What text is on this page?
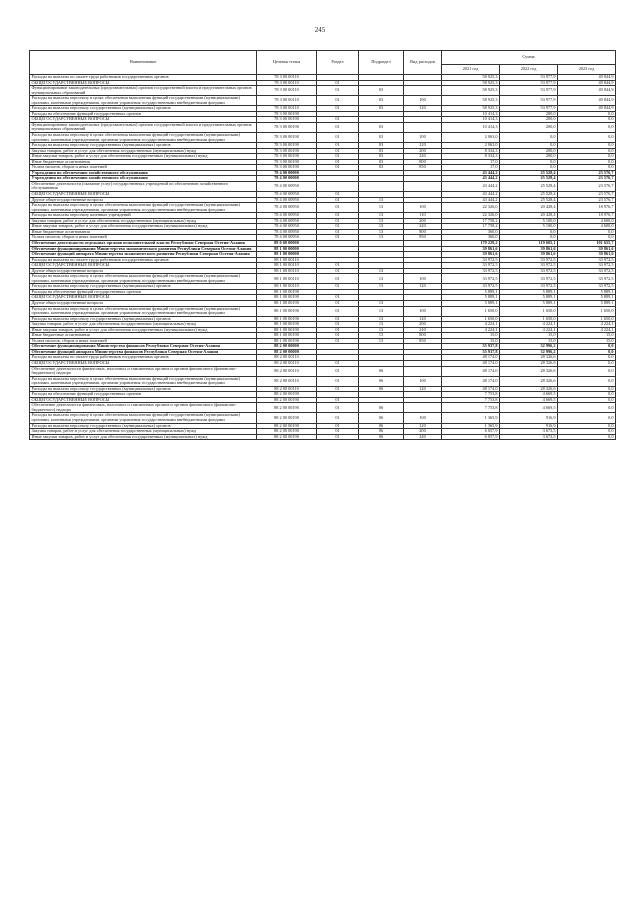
245
Наименование	Целевая статья	Раздел	Подраздел	Вид расходов	Сумма		
					2021 год	2022 год	2023 год
Расходы на выплаты по оплате труда работников государственных органов	78 3 00 00110				58 925,3	53 977,9	49 844,9
ОБЩЕГОСУДАРСТВЕННЫЕ ВОПРОСЫ	78 3 00 00110	01			58 925,3	53 977,9	49 844,9
Функционирование законодательных (представительных) органов государственной власти и представительных органов муниципальных образований	78 3 00 00110	01	03		58 925,3	53 977,9	49 844,9
Расходы на выплаты персоналу в целях обеспечения выполнения функций государственными (муниципальными) органами, казенными учреждениями, органами управления государственными внебюджетными фондами	78 3 00 00110	01	03	100	58 925,3	53 977,9	49 844,9
Расходы на выплаты персоналу государственных (муниципальных) органов	78 3 00 00110	01	03	120	58 925,3	53 977,9	49 844,9
Расходы на обеспечение функций государственных органов	78 3 00 00190				10 414,3	200,0	0,0
ОБЩЕГОСУДАРСТВЕННЫЕ ВОПРОСЫ	78 3 00 00190	01			10 414,3	200,0	0,0
Функционирование законодательных (представительных) органов государственной власти и представительных органов муниципальных образований	78 3 00 00190	01	03		10 414,3	200,0	0,0
Расходы на выплаты персоналу в целях обеспечения выполнения функций государственными (муниципальными) органами, казенными учреждениями, органами управления государственными внебюджетными фондами	78 3 00 00190	01	03	100	2 063,0	0,0	0,0
Расходы на выплаты персоналу государственных (муниципальных) органов	78 3 00 00190	01	03	120	2 063,0	0,0	0,0
Закупка товаров, работ и услуг для обеспечения государственных (муниципальных) нужд	78 3 00 00190	01	03	200	8 334,3	200,0	0,0
Иные закупки товаров, работ и услуг для обеспечения государственных (муниципальных) нужд	78 3 00 00190	01	03	240	8 334,3	200,0	0,0
Иные бюджетные ассигнования	78 3 00 00190	01	03	800	17,0	0,0	0,0
Уплата налогов, сборов и иных платежей	78 3 00 00190	01	03	850	17,0	0,0	0,0
Учреждения по обеспечению хозяйственного обслуживания	78 4 00 00000				43 444,2	25 528,4	23 576,7
Учреждения по обеспечению хозяйственного обслуживания	78 4 00 00000				43 444,2	25 528,4	23 576,7
Обеспечение деятельности (оказание услуг) государственных учреждений по обеспечению хозяйственного обслуживания	78 4 00 00950				43 444,2	25 528,4	23 576,7
ОБЩЕГОСУДАРСТВЕННЫЕ ВОПРОСЫ	78 4 00 00950	01			43 444,2	25 528,4	23 576,7
Другие общегосударственные вопросы	78 4 00 00950	01	13		43 444,2	25 528,4	23 576,7
Расходы на выплаты персоналу в целях обеспечения выполнения функций государственными (муниципальными) органами, казенными учреждениями, органами управления государственными внебюджетными фондами	78 4 00 00950	01	13	100	22 326,0	20 428,4	18 976,7
Расходы на выплаты персоналу казенных учреждений	78 4 00 00950	01	13	110	22 326,0	20 428,4	18 976,7
Закупка товаров, работ и услуг для обеспечения государственных (муниципальных) нужд	78 4 00 00950	01	13	200	17 758,2	5 100,0	4 600,0
Иные закупки товаров, работ и услуг для обеспечения государственных (муниципальных) нужд	78 4 00 00950	01	13	240	17 758,2	5 100,0	4 600,0
Иные бюджетные ассигнования	78 4 00 00950	01	13	800	360,0	0,0	0,0
Уплата налогов, сборов и иных платежей	78 4 00 00950	01	13	850	360,0	0,0	0,0
Обеспечение деятельности отдельных органов исполнительной власти Республики Северная Осетия-Алания	88 0 00 00000				179 229,2	119 605,1	101 655,7
Обеспечение функционирования Министерства экономического развития Республики Северная Осетия-Алания	88 1 00 00000				39 861,6	39 861,6	39 861,6
Обеспечение функций аппарата Министерства экономического развития Республики Северная Осетия-Алания	88 1 00 00000				39 861,6	39 861,6	39 861,6
Расходы на выплаты по оплате труда работников государственных органов	88 1 00 00110				33 972,5	33 972,5	33 972,5
ОБЩЕГОСУДАРСТВЕННЫЕ ВОПРОСЫ	88 1 00 00110	01			33 972,5	33 972,5	33 972,5
Другие общегосударственные вопросы	88 1 00 00110	01	13		33 972,5	33 972,5	33 972,5
Расходы на выплаты персоналу в целях обеспечения выполнения функций государственными (муниципальными) органами, казенными учреждениями, органами управления государственными внебюджетными фондами	88 1 00 00110	01	13	100	33 972,5	33 972,5	33 972,5
Расходы на выплаты персоналу государственных (муниципальных) органов	88 1 00 00110	01	13	120	33 972,5	33 972,5	33 972,5
Расходы на обеспечение функций государственных органов	88 1 00 00190				5 889,1	5 889,1	5 889,1
ОБЩЕГОСУДАРСТВЕННЫЕ ВОПРОСЫ	88 1 00 00190	01			5 889,1	5 889,1	5 889,1
Другие общегосударственные вопросы	88 1 00 00190	01	13		5 889,1	5 889,1	5 889,1
Расходы на выплаты персоналу в целях обеспечения выполнения функций государственными (муниципальными) органами, казенными учреждениями, органами управления государственными внебюджетными фондами	88 1 00 00190	01	13	100	1 650,0	1 650,0	1 650,0
Расходы на выплаты персоналу государственных (муниципальных) органов	88 1 00 00190	01	13	120	1 650,0	1 650,0	1 650,0
Закупка товаров, работ и услуг для обеспечения государственных (муниципальных) нужд	88 1 00 00190	01	13	200	4 224,1	4 224,1	4 224,1
Иные закупки товаров, работ и услуг для обеспечения государственных (муниципальных) нужд	88 1 00 00190	01	13	240	4 224,1	4 224,1	4 224,1
Иные бюджетные ассигнования	88 1 00 00190	01	13	800	15,0	15,0	15,0
Уплата налогов, сборов и иных платежей	88 1 00 00190	01	13	850	15,0	15,0	15,0
Обеспечение функционирования Министерства финансов Республики Северная Осетия-Алания	88 2 00 00000				55 937,8	32 996,2	0,0
Обеспечение функций аппарата Министерства финансов Республики Северная Осетия-Алания	88 2 00 00000				55 937,8	32 996,2	0,0
Расходы на выплаты по оплате труда работников государственных органов	88 2 00 00110				48 174,0	28 326,6	0,0
ОБЩЕГОСУДАРСТВЕННЫЕ ВОПРОСЫ	88 2 00 00110	01			48 174,0	28 326,6	0,0
Обеспечение деятельности финансовых, налоговых и таможенных органов и органов финансового (финансово-бюджетного) надзора	88 2 00 00110	01	06		48 174,0	28 326,6	0,0
Расходы на выплаты персоналу в целях обеспечения выполнения функций государственными (муниципальными) органами, казенными учреждениями, органами управления государственными внебюджетными фондами	88 2 00 00110	01	06	100	48 174,0	28 326,6	0,0
Расходы на выплаты персоналу государственных (муниципальных) органов	88 2 00 00110	01	06	120	48 174,0	28 326,6	0,0
Расходы на обеспечение функций государственных органов	88 2 00 00190				7 753,8	4 669,5	0,0
ОБЩЕГОСУДАРСТВЕННЫЕ ВОПРОСЫ	88 2 00 00190	01			7 753,8	4 669,5	0,0
Обеспечение деятельности финансовых, налоговых и таможенных органов и органов финансового (финансово-бюджетного) надзора	88 2 00 00190	01	06		7 753,8	4 669,5	0,0
Расходы на выплаты персоналу в целях обеспечения выполнения функций государственными (муниципальными) органами, казенными учреждениями, органами управления государственными внебюджетными фондами	88 2 00 00190	01	06	100	1 365,9	916,9	0,0
Расходы на выплаты персоналу государственных (муниципальных) органов	88 2 00 00190	01	06	120	1 365,9	916,9	0,0
Закупка товаров, работ и услуг для обеспечения государственных (муниципальных) нужд	88 2 00 00190	01	06	200	6 057,9	3 673,5	0,0
Иные закупки товаров, работ и услуг для обеспечения государственных (муниципальных) нужд	88 2 00 00190	01	06	240	6 057,9	3 673,5	0,0
